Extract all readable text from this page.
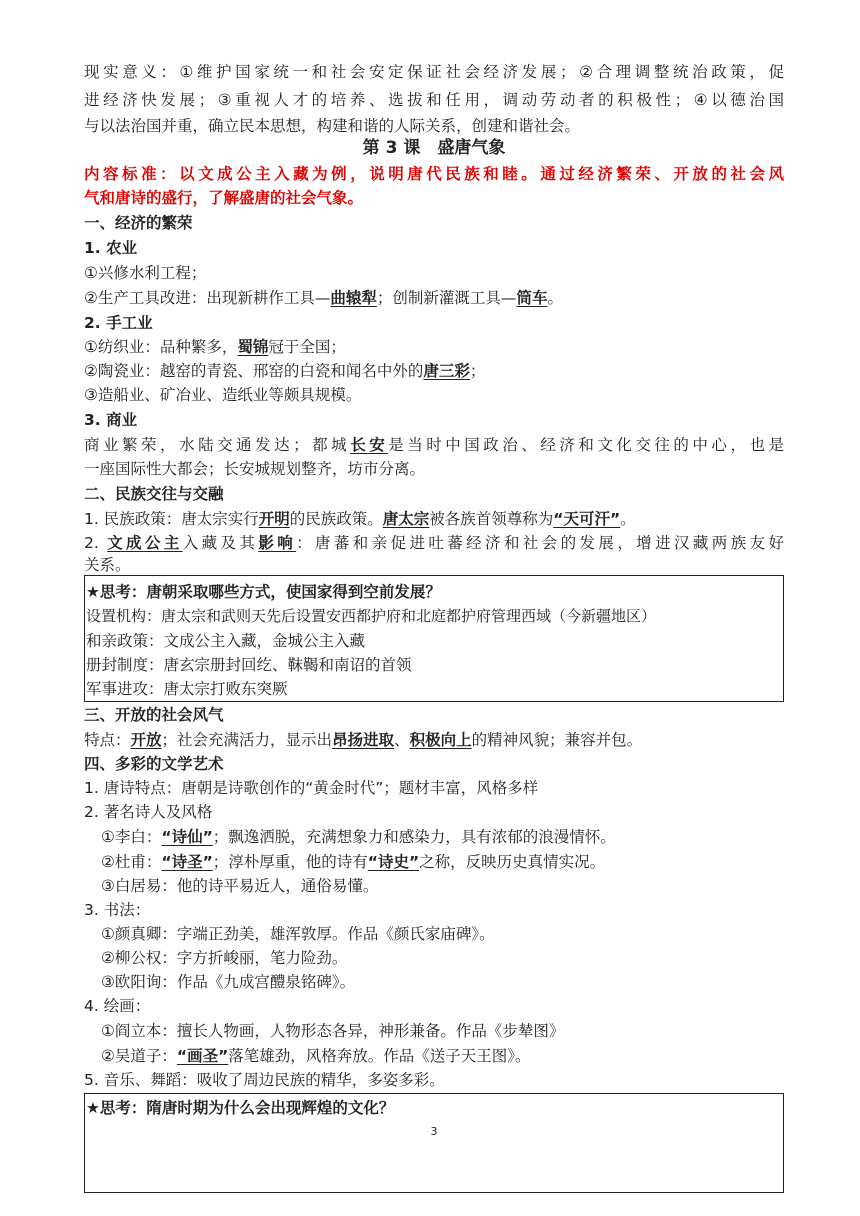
现实意义：①维护国家统一和社会安定保证社会经济发展；②合理调整统治政策，促
进经济快发展；③重视人才的培养、选拔和任用，调动劳动者的积极性；④以德治国
与以法治国并重，确立民本思想，构建和谐的人际关系，创建和谐社会。
第 3 课　盛唐气象
内容标准：以文成公主入藏为例，说明唐代民族和睦。通过经济繁荣、开放的社会风
气和唐诗的盛行，了解盛唐的社会气象。
一、经济的繁荣
1. 农业
①兴修水利工程；
②生产工具改进：出现新耕作工具—曲辕犁；创制新灌溉工具—筒车。
2. 手工业
①纺织业：品种繁多，蜀锦冠于全国；
②陶瓷业：越窑的青瓷、邢窑的白瓷和闻名中外的唐三彩；
③造船业、矿冶业、造纸业等颇具规模。
3. 商业
商业繁荣，水陆交通发达；都城长安是当时中国政治、经济和文化交往的中心，也是
一座国际性大都会；长安城规划整齐，坊市分离。
二、民族交往与交融
1. 民族政策：唐太宗实行开明的民族政策。唐太宗被各族首领尊称为“天可汗”。
2. 文成公主入藏及其影响：唐蕃和亲促进吐蕃经济和社会的发展，增进汉藏两族友好
关系。
★思考：唐朝采取哪些方式，使国家得到空前发展？
设置机构：唐太宗和武则天先后设置安西都护府和北庭都护府管理西域（今新疆地区）
和亲政策：文成公主入藏，金城公主入藏
册封制度：唐玄宗册封回纥、靺鞨和南诏的首领
军事进攻：唐太宗打败东突厥
三、开放的社会风气
特点：开放；社会充满活力，显示出昂扬进取、积极向上的精神风貌；兼容并包。
四、多彩的文学艺术
1. 唐诗特点：唐朝是诗歌创作的“黄金时代”；题材丰富，风格多样
2. 著名诗人及风格
①李白：“诗仙”；飘逸洒脱，充满想象力和感染力，具有浓郁的浪漫情怀。
②杜甫：“诗圣”；淳朴厚重，他的诗有“诗史”之称，反映历史真情实况。
③白居易：他的诗平易近人，通俗易懂。
3. 书法：
①颜真卿：字端正劲美，雄浑敦厚。作品《颜氏家庙碑》。
②柳公权：字方折峻丽，笔力险劲。
③欧阳询：作品《九成宫醴泉铭碑》。
4. 绘画：
①阎立本：擅长人物画，人物形态各异，神形兼备。作品《步辇图》
②吴道子：“画圣”落笔雄劲，风格奔放。作品《送子天王图》。
5. 音乐、舞蹈：吸收了周边民族的精华，多姿多彩。
★思考：隋唐时期为什么会出现辉煌的文化？
3
